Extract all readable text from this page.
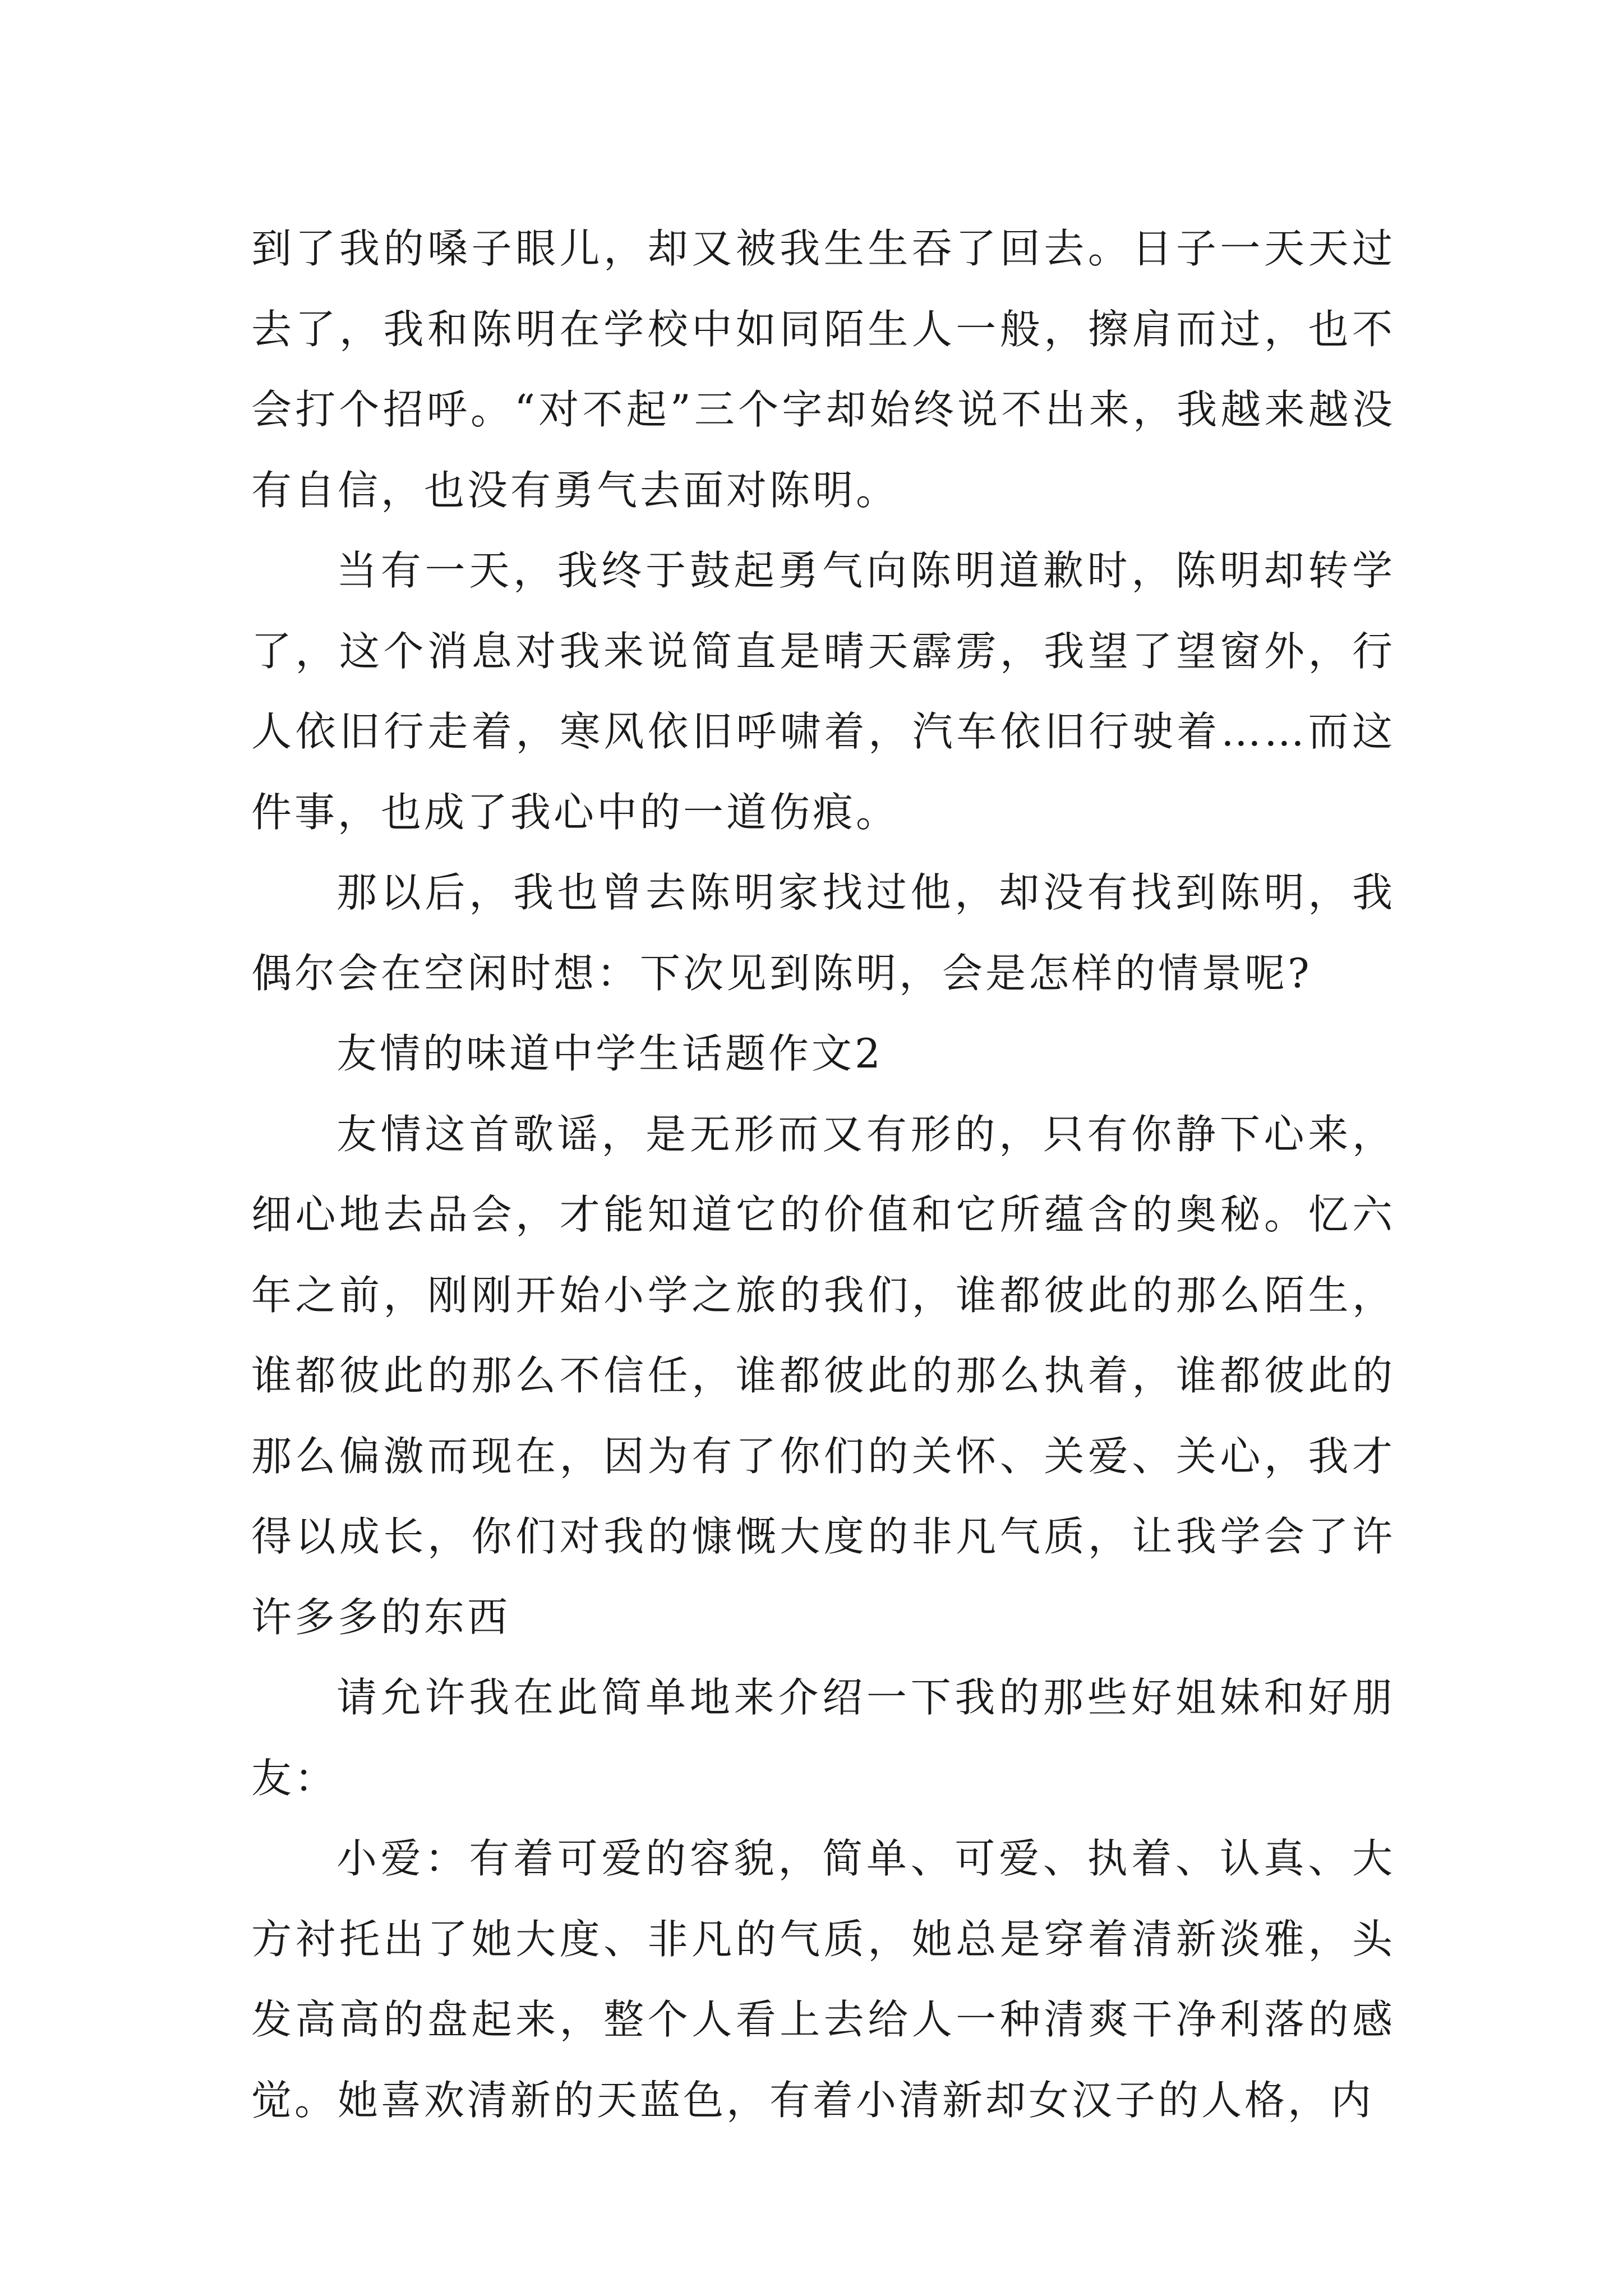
到了我的嗓子眼儿，却又被我生生吞了回去。日子一天天过去了，我和陈明在学校中如同陌生人一般，擦肩而过，也不会打个招呼。“对不起”三个字却始终说不出来，我越来越没有自信，也没有勇气去面对陈明。

当有一天，我终于鼓起勇气向陈明道歉时，陈明却转学了，这个消息对我来说简直是晴天霹雳，我望了望窗外，行人依旧行走着，寒风依旧呼啸着，汽车依旧行驶着……而这件事，也成了我心中的一道伤痕。

那以后，我也曾去陈明家找过他，却没有找到陈明，我偶尔会在空闲时想：下次见到陈明，会是怎样的情景呢?

友情的味道中学生话题作文2

友情这首歌谣，是无形而又有形的，只有你静下心来，细心地去品会，才能知道它的价值和它所蕴含的奥秘。忆六年之前，刚刚开始小学之旅的我们，谁都彼此的那么陌生，谁都彼此的那么不信任，谁都彼此的那么执着，谁都彼此的那么偏激而现在，因为有了你们的关怀、关爱、关心，我才得以成长，你们对我的慷慨大度的非凡气质，让我学会了许许多多的东西

请允许我在此简单地来介绍一下我的那些好姐妹和好朋友：

小爱：有着可爱的容貌，简单、可爱、执着、认真、大方衬托出了她大度、非凡的气质，她总是穿着清新淡雅，头发高高的盘起来，整个人看上去给人一种清爽干净利落的感觉。她喜欢清新的天蓝色，有着小清新却女汉子的人格，内
